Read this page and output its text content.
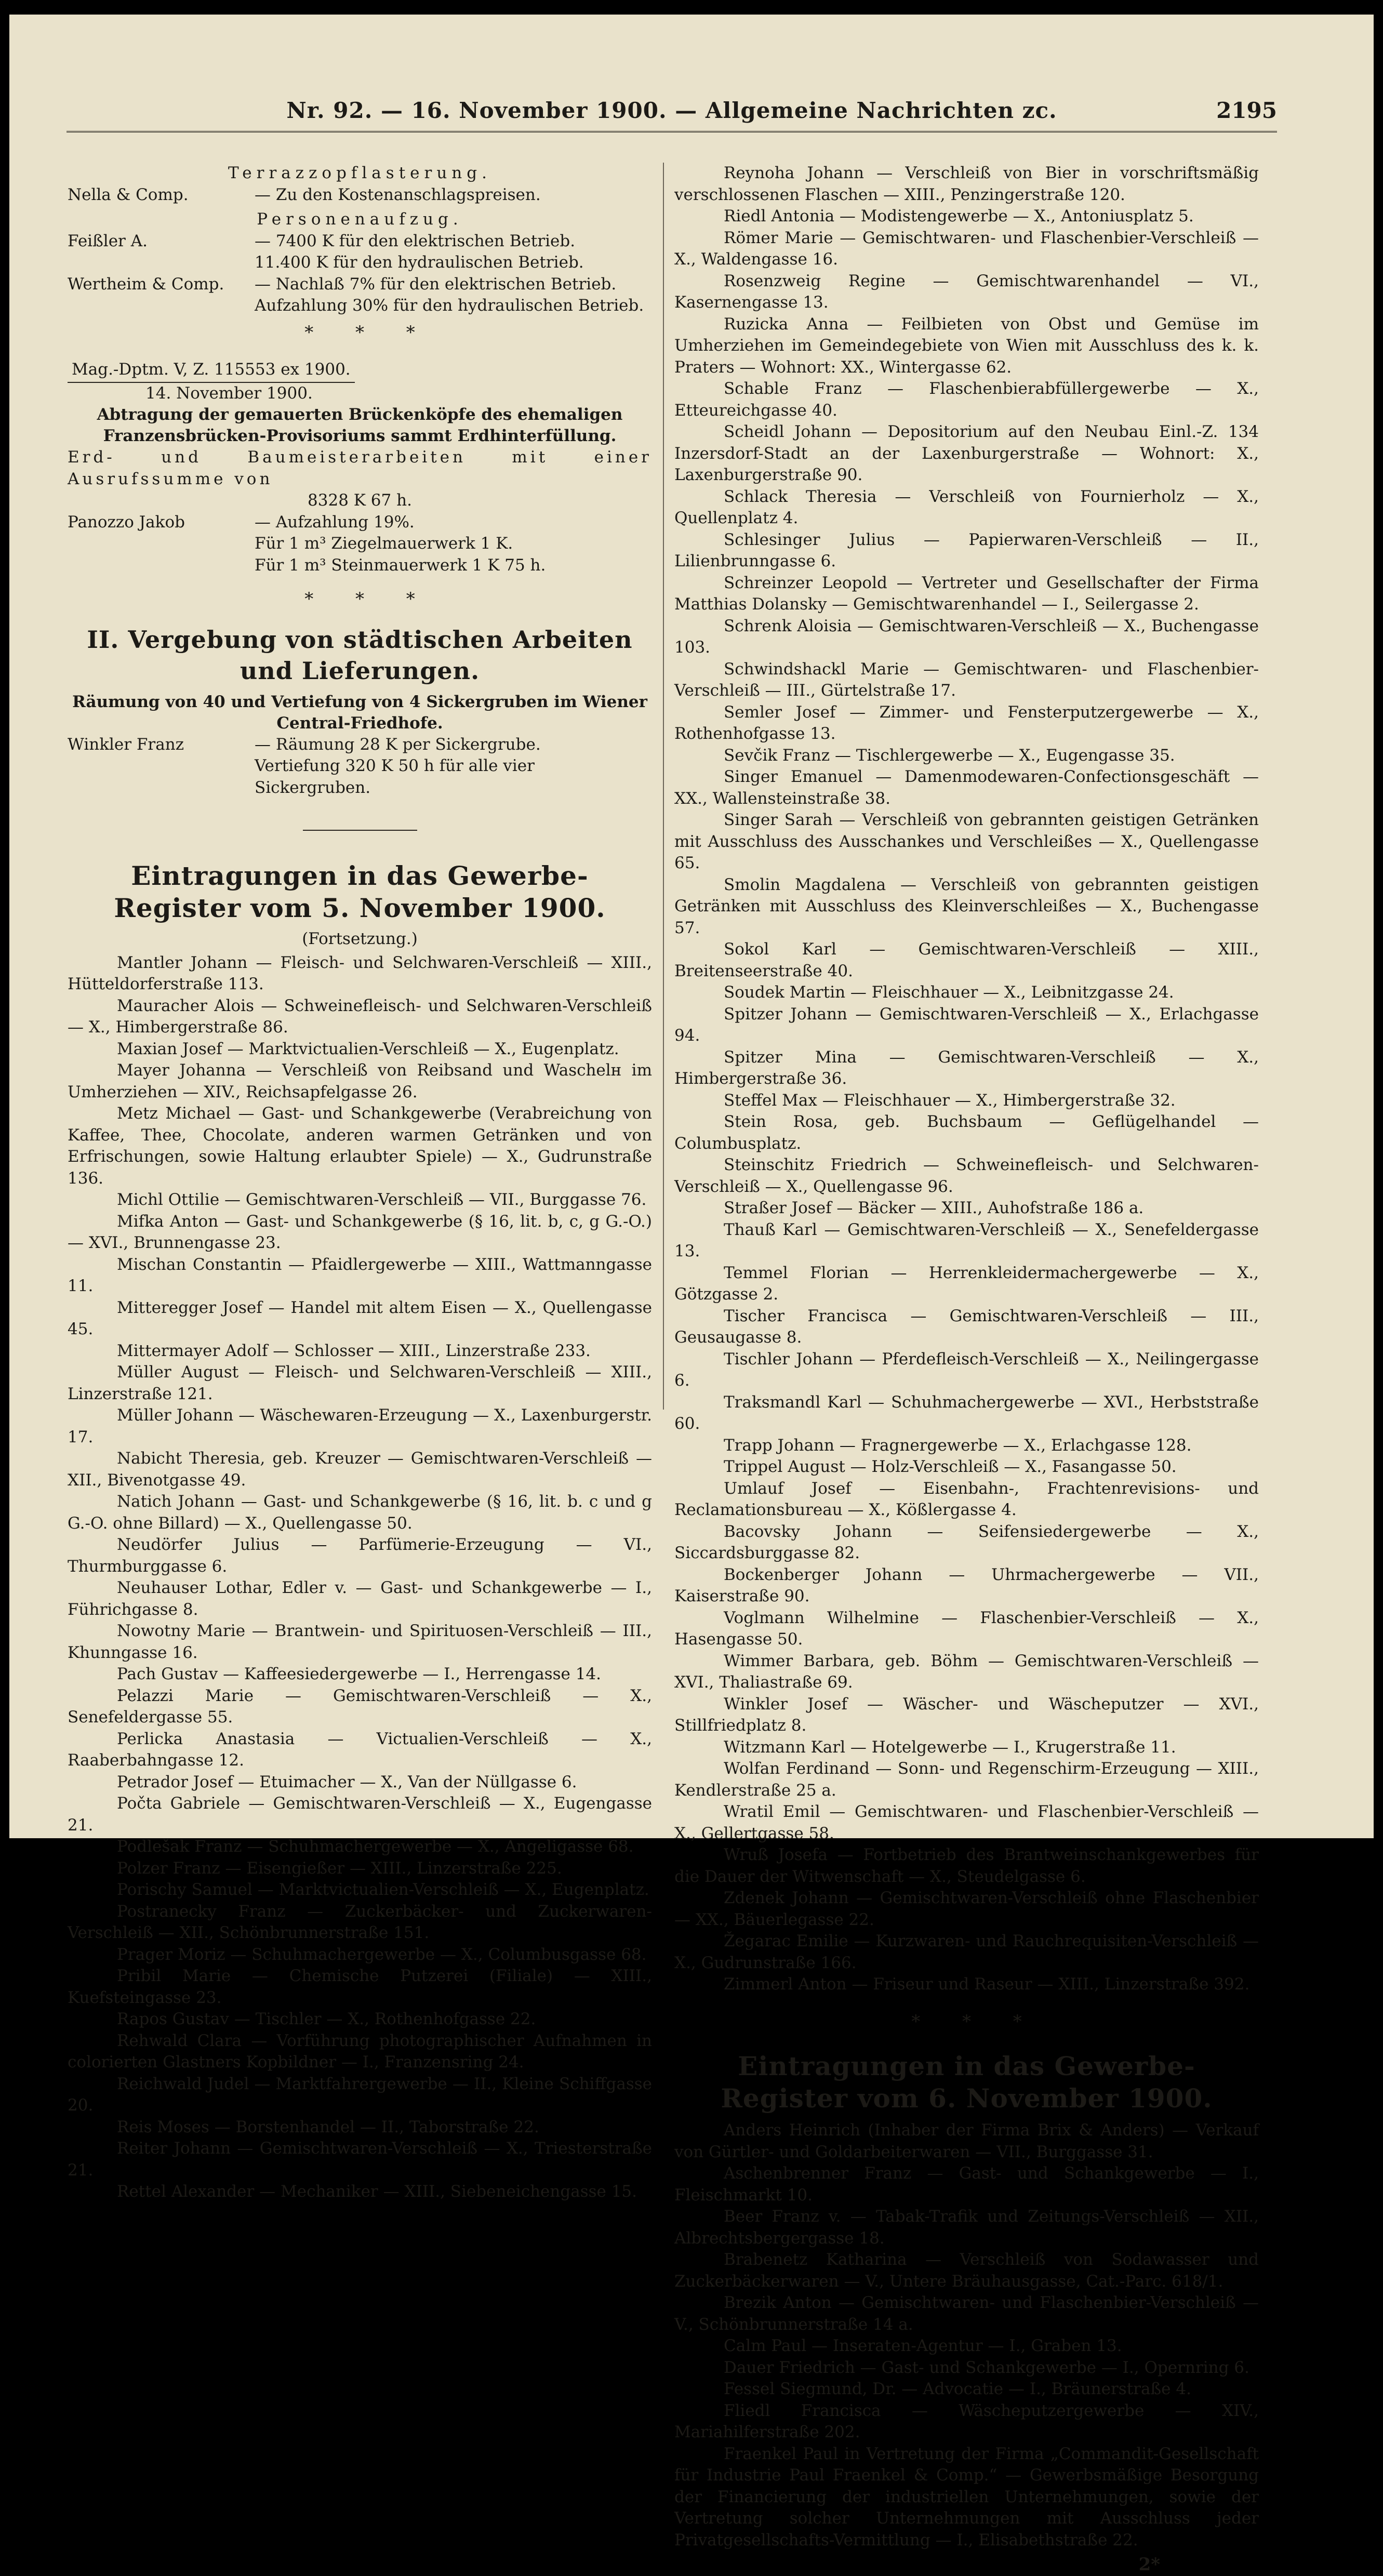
Nr. 92. — 16. November 1900. — Allgemeine Nachrichten zc.	2195
Terrazzopflasterung.
Nella & Comp.	— Zu den Kostenanschlagspreisen.
Personenaufzug.
Feißler A.	— 7400 K für den elektrischen Betrieb.
11.400 K für den hydraulischen Betrieb.
Wertheim & Comp.	— Nachlaß 7% für den elektrischen Betrieb.
Aufzahlung 30% für den hydraulischen Betrieb.
* * *
Mag.-Dptm. V, Z. 115553 ex 1900.
14. November 1900.
Abtragung der gemauerten Brückenköpfe des ehemaligen Franzensbrücken-Provisoriums sammt Erdhinterfüllung.
Erd- und Baumeisterarbeiten mit einer Ausrufssumme von
8328 K 67 h.
Panozzo Jakob	— Aufzahlung 19%.
Für 1 m³ Ziegelmauerwerk 1 K.
Für 1 m³ Steinmauerwerk 1 K 75 h.
* * *
II. Vergebung von städtischen Arbeiten und Lieferungen.
Räumung von 40 und Vertiefung von 4 Sickergruben im Wiener Central-Friedhofe.
Winkler Franz	— Räumung 28 K per Sickergrube.
Vertiefung 320 K 50 h für alle vier Sickergruben.
Eintragungen in das Gewerbe-Register vom 5. November 1900.
(Fortsetzung.)
Mantler Johann — Fleisch- und Selchwaren-Verschleiß — XIII., Hütteldorferstraße 113.
Mauracher Alois — Schweinefleisch- und Selchwaren-Verschleiß — X., Himbergerstraße 86.
Maxian Josef — Marktvictualien-Verschleiß — X., Eugenplatz.
Mayer Johanna — Verschleiß von Reibsand und Waschelн im Umherziehen — XIV., Reichsapfelgasse 26.
Metz Michael — Gast- und Schankgewerbe (Verabreichung von Kaffee, Thee, Chocolate, anderen warmen Getränken und von Erfrischungen, sowie Haltung erlaubter Spiele) — X., Gudrunstraße 136.
Michl Ottilie — Gemischtwaren-Verschleiß — VII., Burggasse 76.
Mifka Anton — Gast- und Schankgewerbe (§ 16, lit. b, c, g G.-O.) — XVI., Brunnengasse 23.
Mischan Constantin — Pfaidlergewerbe — XIII., Wattmanngasse 11.
Mitteregger Josef — Handel mit altem Eisen — X., Quellengasse 45.
Mittermayer Adolf — Schlosser — XIII., Linzerstraße 233.
Müller August — Fleisch- und Selchwaren-Verschleiß — XIII., Linzerstraße 121.
Müller Johann — Wäschewaren-Erzeugung — X., Laxenburgerstr. 17.
Nabicht Theresia, geb. Kreuzer — Gemischtwaren-Verschleiß — XII., Bivenotgasse 49.
Natich Johann — Gast- und Schankgewerbe (§ 16, lit. b. c und g G.-O. ohne Billard) — X., Quellengasse 50.
Neudörfer Julius — Parfümerie-Erzeugung — VI., Thurmburggasse 6.
Neuhauser Lothar, Edler v. — Gast- und Schankgewerbe — I., Führichgasse 8.
Nowotny Marie — Brantwein- und Spirituosen-Verschleiß — III., Khunngasse 16.
Pach Gustav — Kaffeesiedergewerbe — I., Herrengasse 14.
Pelazzi Marie — Gemischtwaren-Verschleiß — X., Senefeldergasse 55.
Perlicka Anastasia — Victualien-Verschleiß — X., Raaberbahngasse 12.
Petrador Josef — Etuimacher — X., Van der Nüllgasse 6.
Počta Gabriele — Gemischtwaren-Verschleiß — X., Eugengasse 21.
Podlešak Franz — Schuhmachergewerbe — X., Angeligasse 68.
Polzer Franz — Eisengießer — XIII., Linzerstraße 225.
Porischy Samuel — Marktvictualien-Verschleiß — X., Eugenplatz.
Postranecky Franz — Zuckerbäcker- und Zuckerwaren-Verschleiß — XII., Schönbrunnerstraße 151.
Prager Moriz — Schuhmachergewerbe — X., Columbusgasse 68.
Pribil Marie — Chemische Putzerei (Filiale) — XIII., Kuefsteingasse 23.
Rapos Gustav — Tischler — X., Rothenhofgasse 22.
Rehwald Clara — Vorführung photographischer Aufnahmen in colorierten Glastners Kopbildner — I., Franzensring 24.
Reichwald Judel — Marktfahrergewerbe — II., Kleine Schiffgasse 20.
Reis Moses — Borstenhandel — II., Taborstraße 22.
Reiter Johann — Gemischtwaren-Verschleiß — X., Triesterstraße 21.
Rettel Alexander — Mechaniker — XIII., Siebeneichengasse 15.
Reynoha Johann — Verschleiß von Bier in vorschriftsmäßig verschlossenen Flaschen — XIII., Penzingerstraße 120.
Riedl Antonia — Modistengewerbe — X., Antoniusplatz 5.
Römer Marie — Gemischtwaren- und Flaschenbier-Verschleiß — X., Waldengasse 16.
Rosenzweig Regine — Gemischtwarenhandel — VI., Kasernengasse 13.
Ruzicka Anna — Feilbieten von Obst und Gemüse im Umherziehen im Gemeindegebiete von Wien mit Ausschluss des k. k. Praters — Wohnort: XX., Wintergasse 62.
Schable Franz — Flaschenbierabfüllergewerbe — X., Etteureichgasse 40.
Scheidl Johann — Depositorium auf den Neubau Einl.-Z. 134 Inzersdorf-Stadt an der Laxenburgerstraße — Wohnort: X., Laxenburgerstraße 90.
Schlack Theresia — Verschleiß von Fournierholz — X., Quellenplatz 4.
Schlesinger Julius — Papierwaren-Verschleiß — II., Lilienbrunngasse 6.
Schreinzer Leopold — Vertreter und Gesellschafter der Firma Matthias Dolansky — Gemischtwarenhandel — I., Seilergasse 2.
Schrenk Aloisia — Gemischtwaren-Verschleiß — X., Buchengasse 103.
Schwindshackl Marie — Gemischtwaren- und Flaschenbier-Verschleiß — III., Gürtelstraße 17.
Semler Josef — Zimmer- und Fensterputzergewerbe — X., Rothenhofgasse 13.
Sevčik Franz — Tischlergewerbe — X., Eugengasse 35.
Singer Emanuel — Damenmodewaren-Confectionsgeschäft — XX., Wallensteinstraße 38.
Singer Sarah — Verschleiß von gebrannten geistigen Getränken mit Ausschluss des Ausschankes und Verschleißes — X., Quellengasse 65.
Smolin Magdalena — Verschleiß von gebrannten geistigen Getränken mit Ausschluss des Kleinverschleißes — X., Buchengasse 57.
Sokol Karl — Gemischtwaren-Verschleiß — XIII., Breitenseerstraße 40.
Soudek Martin — Fleischhauer — X., Leibnitzgasse 24.
Spitzer Johann — Gemischtwaren-Verschleiß — X., Erlachgasse 94.
Spitzer Mina — Gemischtwaren-Verschleiß — X., Himbergerstraße 36.
Steffel Max — Fleischhauer — X., Himbergerstraße 32.
Stein Rosa, geb. Buchsbaum — Geflügelhandel — Columbusplatz.
Steinschitz Friedrich — Schweinefleisch- und Selchwaren-Verschleiß — X., Quellengasse 96.
Straßer Josef — Bäcker — XIII., Auhofstraße 186 a.
Thauß Karl — Gemischtwaren-Verschleiß — X., Senefeldergasse 13.
Temmel Florian — Herrenkleidermachergewerbe — X., Götzgasse 2.
Tischer Francisca — Gemischtwaren-Verschleiß — III., Geusaugasse 8.
Tischler Johann — Pferdefleisch-Verschleiß — X., Neilingergasse 6.
Traksmandl Karl — Schuhmachergewerbe — XVI., Herbststraße 60.
Trapp Johann — Fragnergewerbe — X., Erlachgasse 128.
Trippel August — Holz-Verschleiß — X., Fasangasse 50.
Umlauf Josef — Eisenbahn-, Frachtenrevisions- und Reclamationsbureau — X., Kößlergasse 4.
Bacovsky Johann — Seifensiedergewerbe — X., Siccardsburggasse 82.
Bockenberger Johann — Uhrmachergewerbe — VII., Kaiserstraße 90.
Voglmann Wilhelmine — Flaschenbier-Verschleiß — X., Hasengasse 50.
Wimmer Barbara, geb. Böhm — Gemischtwaren-Verschleiß — XVI., Thaliastraße 69.
Winkler Josef — Wäscher- und Wäscheputzer — XVI., Stillfriedplatz 8.
Witzmann Karl — Hotelgewerbe — I., Krugerstraße 11.
Wolfan Ferdinand — Sonn- und Regenschirm-Erzeugung — XIII., Kendlerstraße 25 a.
Wratil Emil — Gemischtwaren- und Flaschenbier-Verschleiß — X., Gellertgasse 58.
Wruß Josefa — Fortbetrieb des Brantweinschankgewerbes für die Dauer der Witwenschaft — X., Steudelgasse 6.
Zdenek Johann — Gemischtwaren-Verschleiß ohne Flaschenbier — XX., Bäuerlegasse 22.
Žegarac Emilie — Kurzwaren- und Rauchrequisiten-Verschleiß — X., Gudrunstraße 166.
Zimmerl Anton — Friseur und Raseur — XIII., Linzerstraße 392.
* * *
Eintragungen in das Gewerbe-Register vom 6. November 1900.
Anders Heinrich (Inhaber der Firma Brix & Anders) — Verkauf von Gürtler- und Goldarbeiterwaren — VII., Burggasse 31.
Aschenbrenner Franz — Gast- und Schankgewerbe — I., Fleischmarkt 10.
Beer Franz v. — Tabak-Trafik und Zeitungs-Verschleiß — XII., Albrechtsbergergasse 18.
Brabenetz Katharina — Verschleiß von Sodawasser und Zuckerbäckerwaren — V., Untere Bräuhausgasse, Cat.-Parc. 618/1.
Brezik Anton — Gemischtwaren- und Flaschenbier-Verschleiß — V., Schönbrunnerstraße 14 a.
Calm Paul — Inseraten-Agentur — I., Graben 13.
Dauer Friedrich — Gast- und Schankgewerbe — I., Opernring 6.
Fessel Siegmund, Dr. — Advocatie — I., Bräunerstraße 4.
Fliedl Francisca — Wäscheputzergewerbe — XIV., Mariahilferstraße 202.
Fraenkel Paul in Vertretung der Firma „Commandit-Gesellschaft für Industrie Paul Fraenkel & Comp.“ — Gewerbsmäßige Besorgung der Financierung der industriellen Unternehmungen, sowie der Vertretung solcher Unternehmungen mit Ausschluss jeder Privatgesellschafts-Vermittlung — I., Elisabethstraße 22.
2*
